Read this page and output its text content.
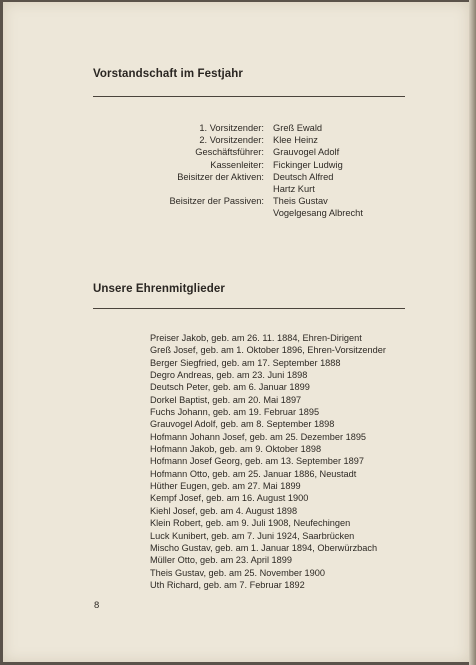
Vorstandschaft im Festjahr
1. Vorsitzender: Greß Ewald
2. Vorsitzender: Klee Heinz
Geschäftsführer: Grauvogel Adolf
Kassenleiter: Fickinger Ludwig
Beisitzer der Aktiven: Deutsch Alfred
Hartz Kurt
Beisitzer der Passiven: Theis Gustav
Vogelgesang Albrecht
Unsere Ehrenmitglieder
Preiser Jakob, geb. am 26. 11. 1884, Ehren-Dirigent
Greß Josef, geb. am 1. Oktober 1896, Ehren-Vorsitzender
Berger Siegfried, geb. am 17. September 1888
Degro Andreas, geb. am 23. Juni 1898
Deutsch Peter, geb. am 6. Januar 1899
Dorkel Baptist, geb. am 20. Mai 1897
Fuchs Johann, geb. am 19. Februar 1895
Grauvogel Adolf, geb. am 8. September 1898
Hofmann Johann Josef, geb. am 25. Dezember 1895
Hofmann Jakob, geb. am 9. Oktober 1898
Hofmann Josef Georg, geb. am 13. September 1897
Hofmann Otto, geb. am 25. Januar 1886, Neustadt
Hüther Eugen, geb. am 27. Mai 1899
Kempf Josef, geb. am 16. August 1900
Kiehl Josef, geb. am 4. August 1898
Klein Robert, geb. am 9. Juli 1908, Neufechingen
Luck Kunibert, geb. am 7. Juni 1924, Saarbrücken
Mischo Gustav, geb. am 1. Januar 1894, Oberwürzbach
Müller Otto, geb. am 23. April 1899
Theis Gustav, geb. am 25. November 1900
Uth Richard, geb. am 7. Februar 1892
8
